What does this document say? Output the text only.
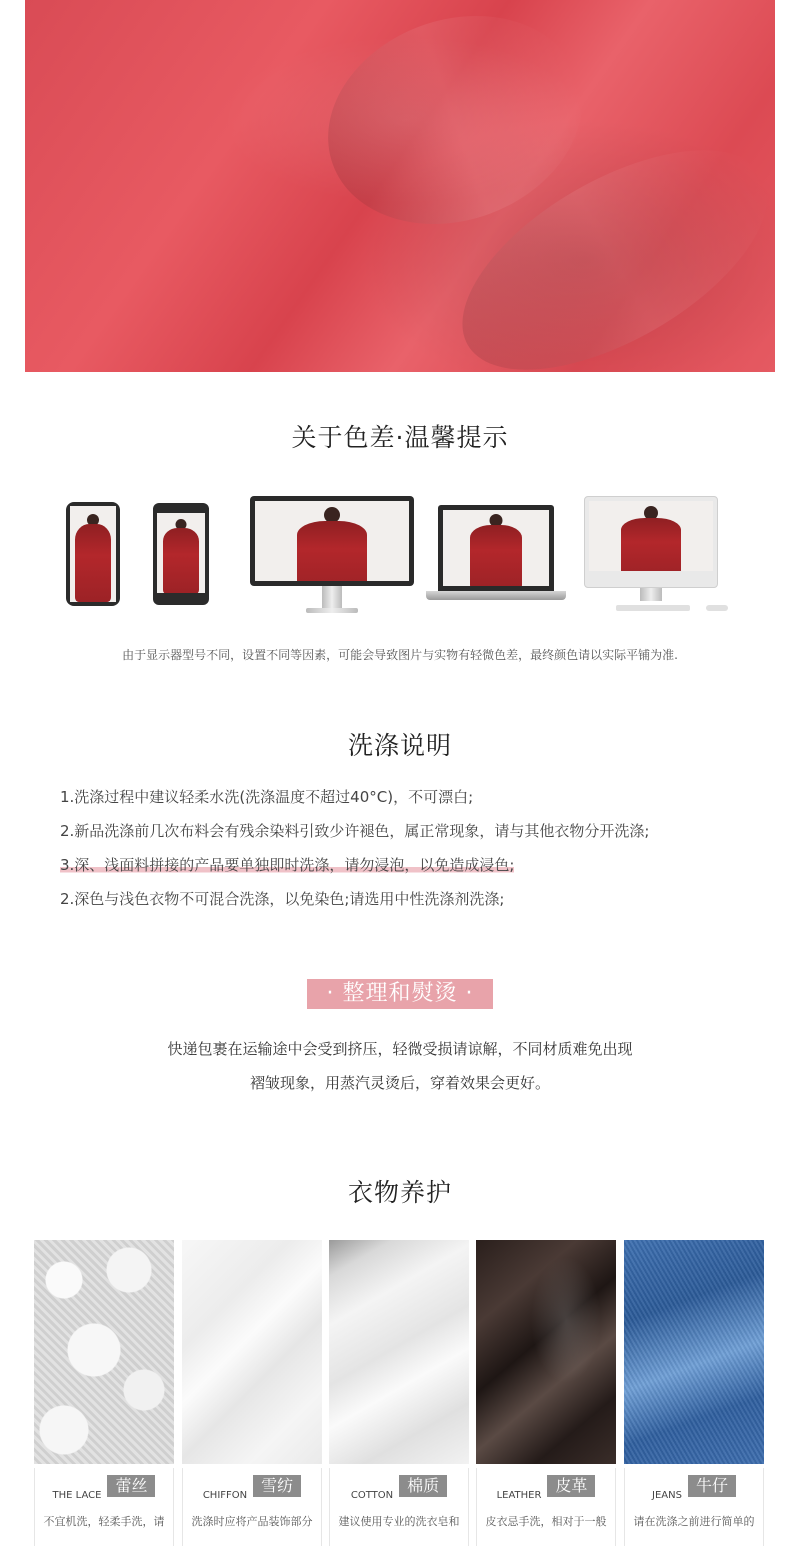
关于色差·温馨提示
由于显示器型号不同，设置不同等因素，可能会导致图片与实物有轻微色差，最终颜色请以实际平铺为准.
洗涤说明
1.洗涤过程中建议轻柔水洗(洗涤温度不超过40°C)，不可漂白;
2.新品洗涤前几次布料会有残余染料引致少许褪色，属正常现象，请与其他衣物分开洗涤;
3.深、浅面料拼接的产品要单独即时洗涤，请勿浸泡，以免造成浸色;
2.深色与浅色衣物不可混合洗涤，以免染色;请选用中性洗涤剂洗涤;
· 整理和熨烫 ·
快递包裹在运输途中会受到挤压，轻微受损请谅解，不同材质难免出现
褶皱现象，用蒸汽灵烫后，穿着效果会更好。
衣物养护
THE LACE 蕾丝
不宜机洗，轻柔手洗，请
CHIFFON 雪纺
洗涤时应将产品装饰部分
COTTON 棉质
建议使用专业的洗衣皂和
LEATHER 皮革
皮衣忌手洗，相对于一般
JEANS 牛仔
请在洗涤之前进行简单的
